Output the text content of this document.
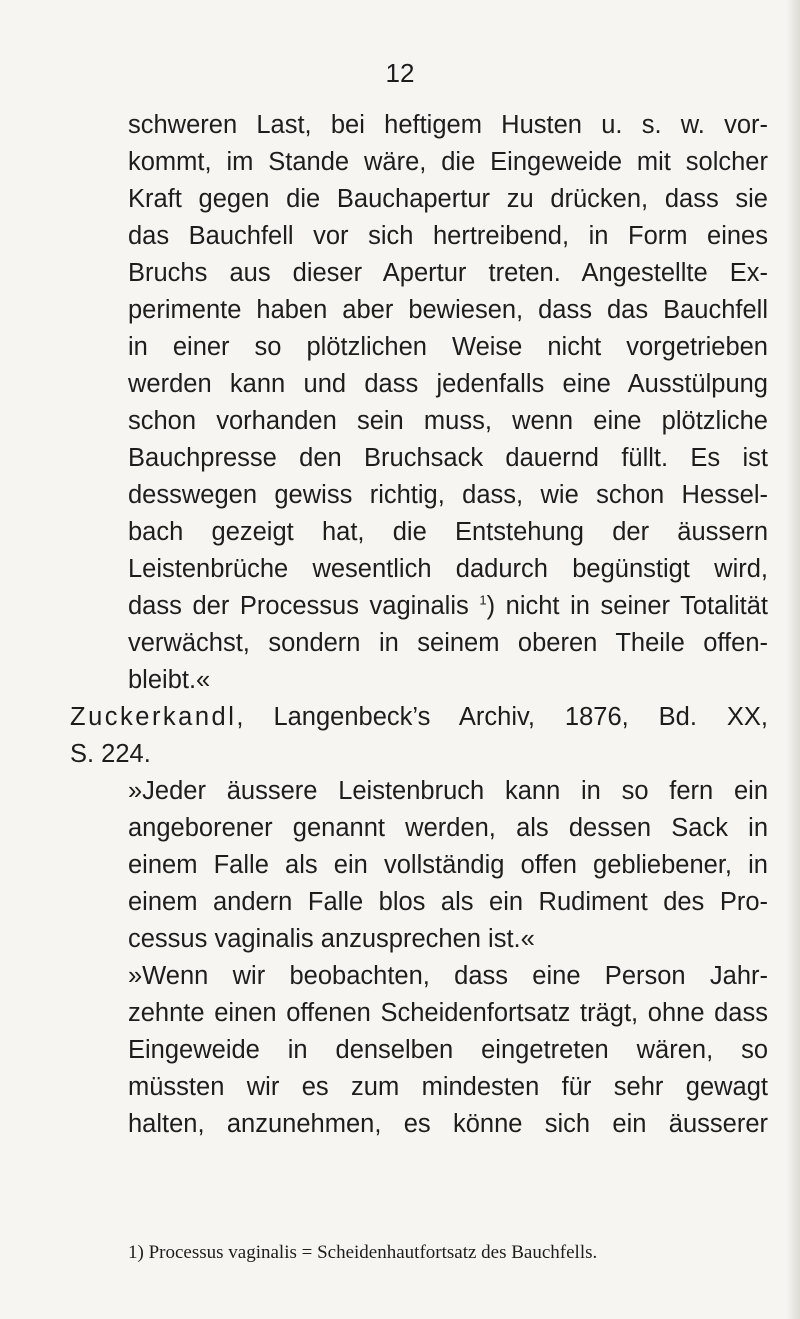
12
schweren Last, bei heftigem Husten u. s. w. vor-
kommt, im Stande wäre, die Eingeweide mit solcher
Kraft gegen die Bauchapertur zu drücken, dass sie
das Bauchfell vor sich hertreibend, in Form eines
Bruchs aus dieser Apertur treten. Angestellte Ex-
perimente haben aber bewiesen, dass das Bauchfell
in einer so plötzlichen Weise nicht vorgetrieben
werden kann und dass jedenfalls eine Ausstülpung
schon vorhanden sein muss, wenn eine plötzliche
Bauchpresse den Bruchsack dauernd füllt. Es ist
desswegen gewiss richtig, dass, wie schon Hessel-
bach gezeigt hat, die Entstehung der äussern
Leistenbrüche wesentlich dadurch begünstigt wird,
dass der Processus vaginalis $^1$) nicht in seiner Totalität
verwächst, sondern in seinem oberen Theile offen-
bleibt.«
Zuckerkandl, Langenbeck’s Archiv, 1876, Bd. XX,
S. 224.
»Jeder äussere Leistenbruch kann in so fern ein
angeborener genannt werden, als dessen Sack in
einem Falle als ein vollständig offen gebliebener, in
einem andern Falle blos als ein Rudiment des Pro-
cessus vaginalis anzusprechen ist.«
»Wenn wir beobachten, dass eine Person Jahr-
zehnte einen offenen Scheidenfortsatz trägt, ohne dass
Eingeweide in denselben eingetreten wären, so
müssten wir es zum mindesten für sehr gewagt
halten, anzunehmen, es könne sich ein äusserer
1) Processus vaginalis = Scheidenhautfortsatz des Bauchfells.
